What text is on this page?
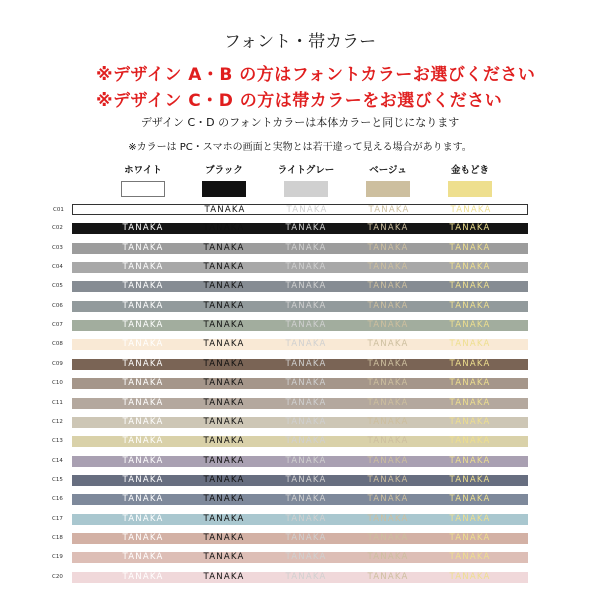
フォント・帯カラー
※デザイン A・B の方はフォントカラーお選びください
※デザイン C・D の方は帯カラーをお選びください
デザイン C・D のフォントカラーは本体カラーと同じになります
※カラーは PC・スマホの画面と実物とは若干違って見える場合があります。
ホワイト	ブラック	ライトグレー	ベージュ	金もどき
C01	TANAKA	TANAKA	TANAKA	TANAKA	TANAKA
C02	TANAKA	TANAKA	TANAKA	TANAKA	TANAKA
C03	TANAKA	TANAKA	TANAKA	TANAKA	TANAKA
C04	TANAKA	TANAKA	TANAKA	TANAKA	TANAKA
C05	TANAKA	TANAKA	TANAKA	TANAKA	TANAKA
C06	TANAKA	TANAKA	TANAKA	TANAKA	TANAKA
C07	TANAKA	TANAKA	TANAKA	TANAKA	TANAKA
C08	TANAKA	TANAKA	TANAKA	TANAKA	TANAKA
C09	TANAKA	TANAKA	TANAKA	TANAKA	TANAKA
C10	TANAKA	TANAKA	TANAKA	TANAKA	TANAKA
C11	TANAKA	TANAKA	TANAKA	TANAKA	TANAKA
C12	TANAKA	TANAKA	TANAKA	TANAKA	TANAKA
C13	TANAKA	TANAKA	TANAKA	TANAKA	TANAKA
C14	TANAKA	TANAKA	TANAKA	TANAKA	TANAKA
C15	TANAKA	TANAKA	TANAKA	TANAKA	TANAKA
C16	TANAKA	TANAKA	TANAKA	TANAKA	TANAKA
C17	TANAKA	TANAKA	TANAKA	TANAKA	TANAKA
C18	TANAKA	TANAKA	TANAKA	TANAKA	TANAKA
C19	TANAKA	TANAKA	TANAKA	TANAKA	TANAKA
C20	TANAKA	TANAKA	TANAKA	TANAKA	TANAKA
